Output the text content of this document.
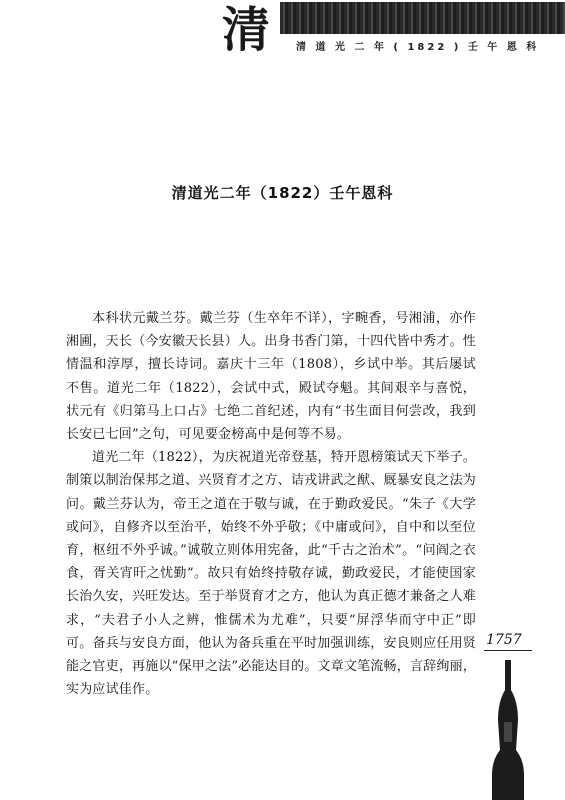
清	清 道 光 二 年 ( 1822 ) 壬 午 恩 科
清道光二年（1822）壬午恩科

本科状元戴兰芬。戴兰芬（生卒年不详），字畹香，号湘浦，亦作湘圃，天长（今安徽天长县）人。出身书香门第，十四代皆中秀才。性情温和淳厚，擅长诗词。嘉庆十三年（1808），乡试中举。其后屡试不售。道光二年（1822），会试中式，殿试夺魁。其间艰辛与喜悦，状元有《归第马上口占》七绝二首纪述，内有“书生面目何尝改，我到长安已七回”之句，可见要金榜高中是何等不易。

道光二年（1822），为庆祝道光帝登基，特开恩榜策试天下举子。制策以制治保邦之道、兴贤育才之方、诘戎讲武之猷、厩暴安良之法为问。戴兰芬认为，帝王之道在于敬与诚，在于勤政爱民。“朱子《大学或问》，自修齐以至治平，始终不外乎敬；《中庸或问》，自中和以至位育，枢纽不外乎诚。”诚敬立则体用宪备，此“千古之治术”。“问阎之衣食，胥关宵旰之忧勤”。故只有始终持敬存诚，勤政爱民，才能使国家长治久安，兴旺发达。至于举贤育才之方，他认为真正德才兼备之人难求，“夫君子小人之辨，惟儒术为尤难”，只要“屏浮华而守中正”即可。备兵与安良方面，他认为备兵重在平时加强训练，安良则应任用贤能之官吏，再施以“保甲之法”必能达目的。文章文笔流畅，言辞绚丽，实为应试佳作。

1757
